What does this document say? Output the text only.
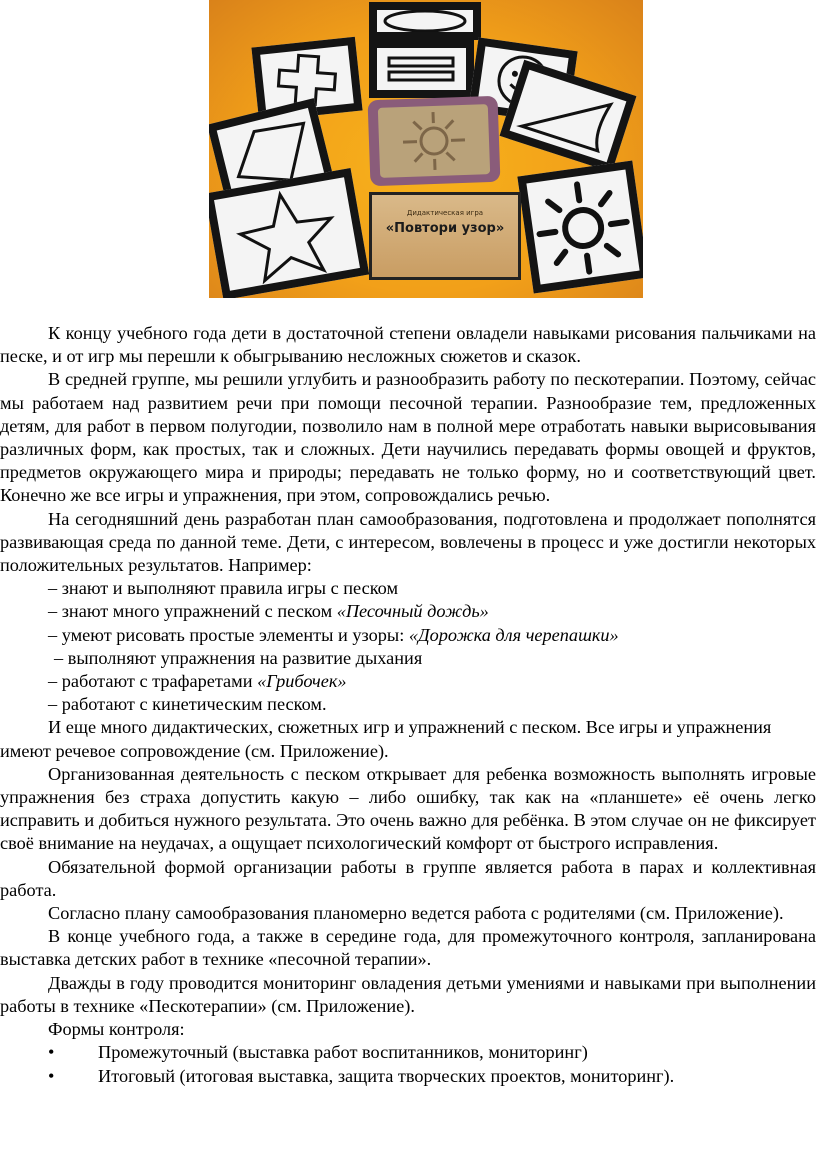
Дидактическая игра
«Повтори узор»

К концу учебного года дети в достаточной степени овладели навыками рисования пальчиками на песке, и от игр мы перешли к обыгрыванию несложных сюжетов и сказок.

В средней группе, мы решили углубить и разнообразить работу по пескотерапии. Поэтому, сейчас мы работаем над развитием речи при помощи песочной терапии. Разнообразие тем, предложенных детям, для работ в первом полугодии, позволило нам в полной мере отработать навыки вырисовывания различных форм, как простых, так и сложных. Дети научились передавать формы овощей и фруктов, предметов окружающего мира и природы; передавать не только форму, но и соответствующий цвет. Конечно же все игры и упражнения, при этом, сопровождались речью.

На сегодняшний день разработан план самообразования, подготовлена и продолжает пополнятся развивающая среда по данной теме. Дети, с интересом, вовлечены в процесс и уже достигли некоторых положительных результатов. Например:

– знают и выполняют правила игры с песком
– знают много упражнений с песком «Песочный дождь»
– умеют рисовать простые элементы и узоры: «Дорожка для черепашки»
– выполняют упражнения на развитие дыхания
– работают с трафаретами «Грибочек»
– работают с кинетическим песком.

И еще много дидактических, сюжетных игр и упражнений с песком. Все игры и упражнения имеют речевое сопровождение (см. Приложение).

Организованная деятельность с песком открывает для ребенка возможность выполнять игровые упражнения без страха допустить какую – либо ошибку, так как на «планшете» её очень легко исправить и добиться нужного результата. Это очень важно для ребёнка. В этом случае он не фиксирует своё внимание на неудачах, а ощущает психологический комфорт от быстрого исправления.

Обязательной формой организации работы в группе является работа в парах и коллективная работа.

Согласно плану самообразования планомерно ведется работа с родителями (см. Приложение).

В конце учебного года, а также в середине года, для промежуточного контроля, запланирована выставка детских работ в технике «песочной терапии».

Дважды в году проводится мониторинг овладения детьми умениями и навыками при выполнении работы в технике «Пескотерапии» (см. Приложение).

Формы контроля:

• Промежуточный (выставка работ воспитанников, мониторинг)
• Итоговый (итоговая выставка, защита творческих проектов, мониторинг).
